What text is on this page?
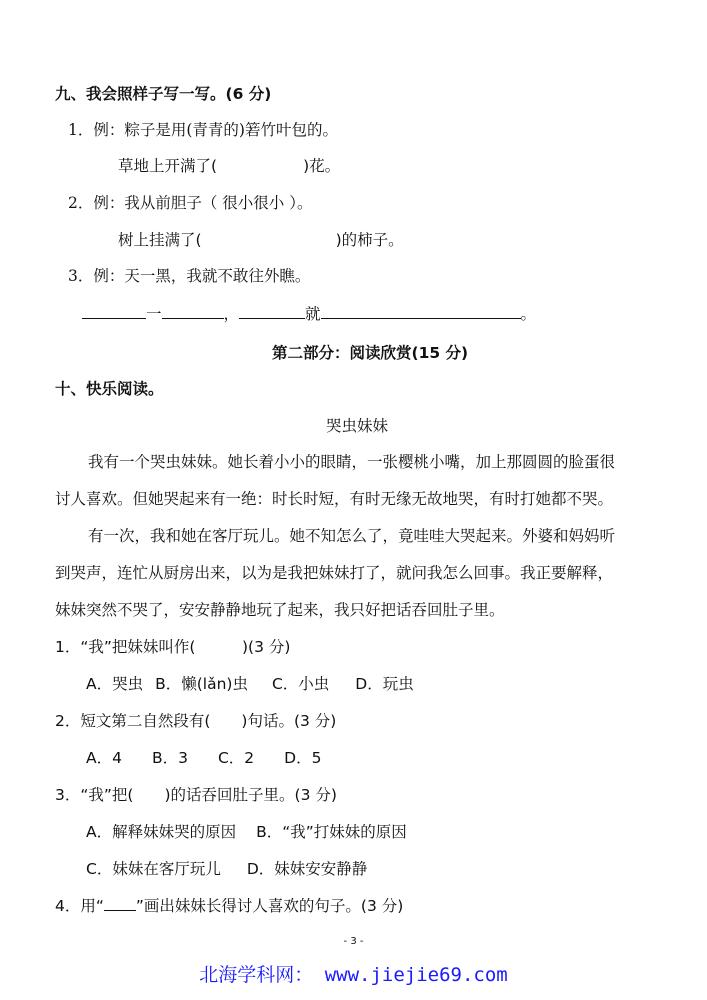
九、我会照样子写一写。(6 分)
1．例：粽子是用(青青的)箬竹叶包的。
草地上开满了(	)花。
2．例：我从前胆子（ 很小很小 ）。
树上挂满了(	)的柿子。
3．例：天一黑，我就不敢往外瞧。
一	，	就	。
第二部分：阅读欣赏(15 分)
十、快乐阅读。
哭虫妹妹
我有一个哭虫妹妹。她长着小小的眼睛，一张樱桃小嘴，加上那圆圆的脸蛋很
讨人喜欢。但她哭起来有一绝：时长时短，有时无缘无故地哭，有时打她都不哭。
有一次，我和她在客厅玩儿。她不知怎么了，竟哇哇大哭起来。外婆和妈妈听
到哭声，连忙从厨房出来，以为是我把妹妹打了，就问我怎么回事。我正要解释，
妹妹突然不哭了，安安静静地玩了起来，我只好把话吞回肚子里。
1．“我”把妹妹叫作(　　　)(3 分)
A．哭虫 B．懒(lǎn)虫 C．小虫 D．玩虫
2．短文第二自然段有(　　)句话。(3 分)
A．4 B．3 C．2 D．5
3．“我”把(　　)的话吞回肚子里。(3 分)
A．解释妹妹哭的原因 B．“我”打妹妹的原因
C．妹妹在客厅玩儿 D．妹妹安安静静
4．用“ ”画出妹妹长得讨人喜欢的句子。(3 分)
- 3 -
北海学科网： www.jiejie69.com
